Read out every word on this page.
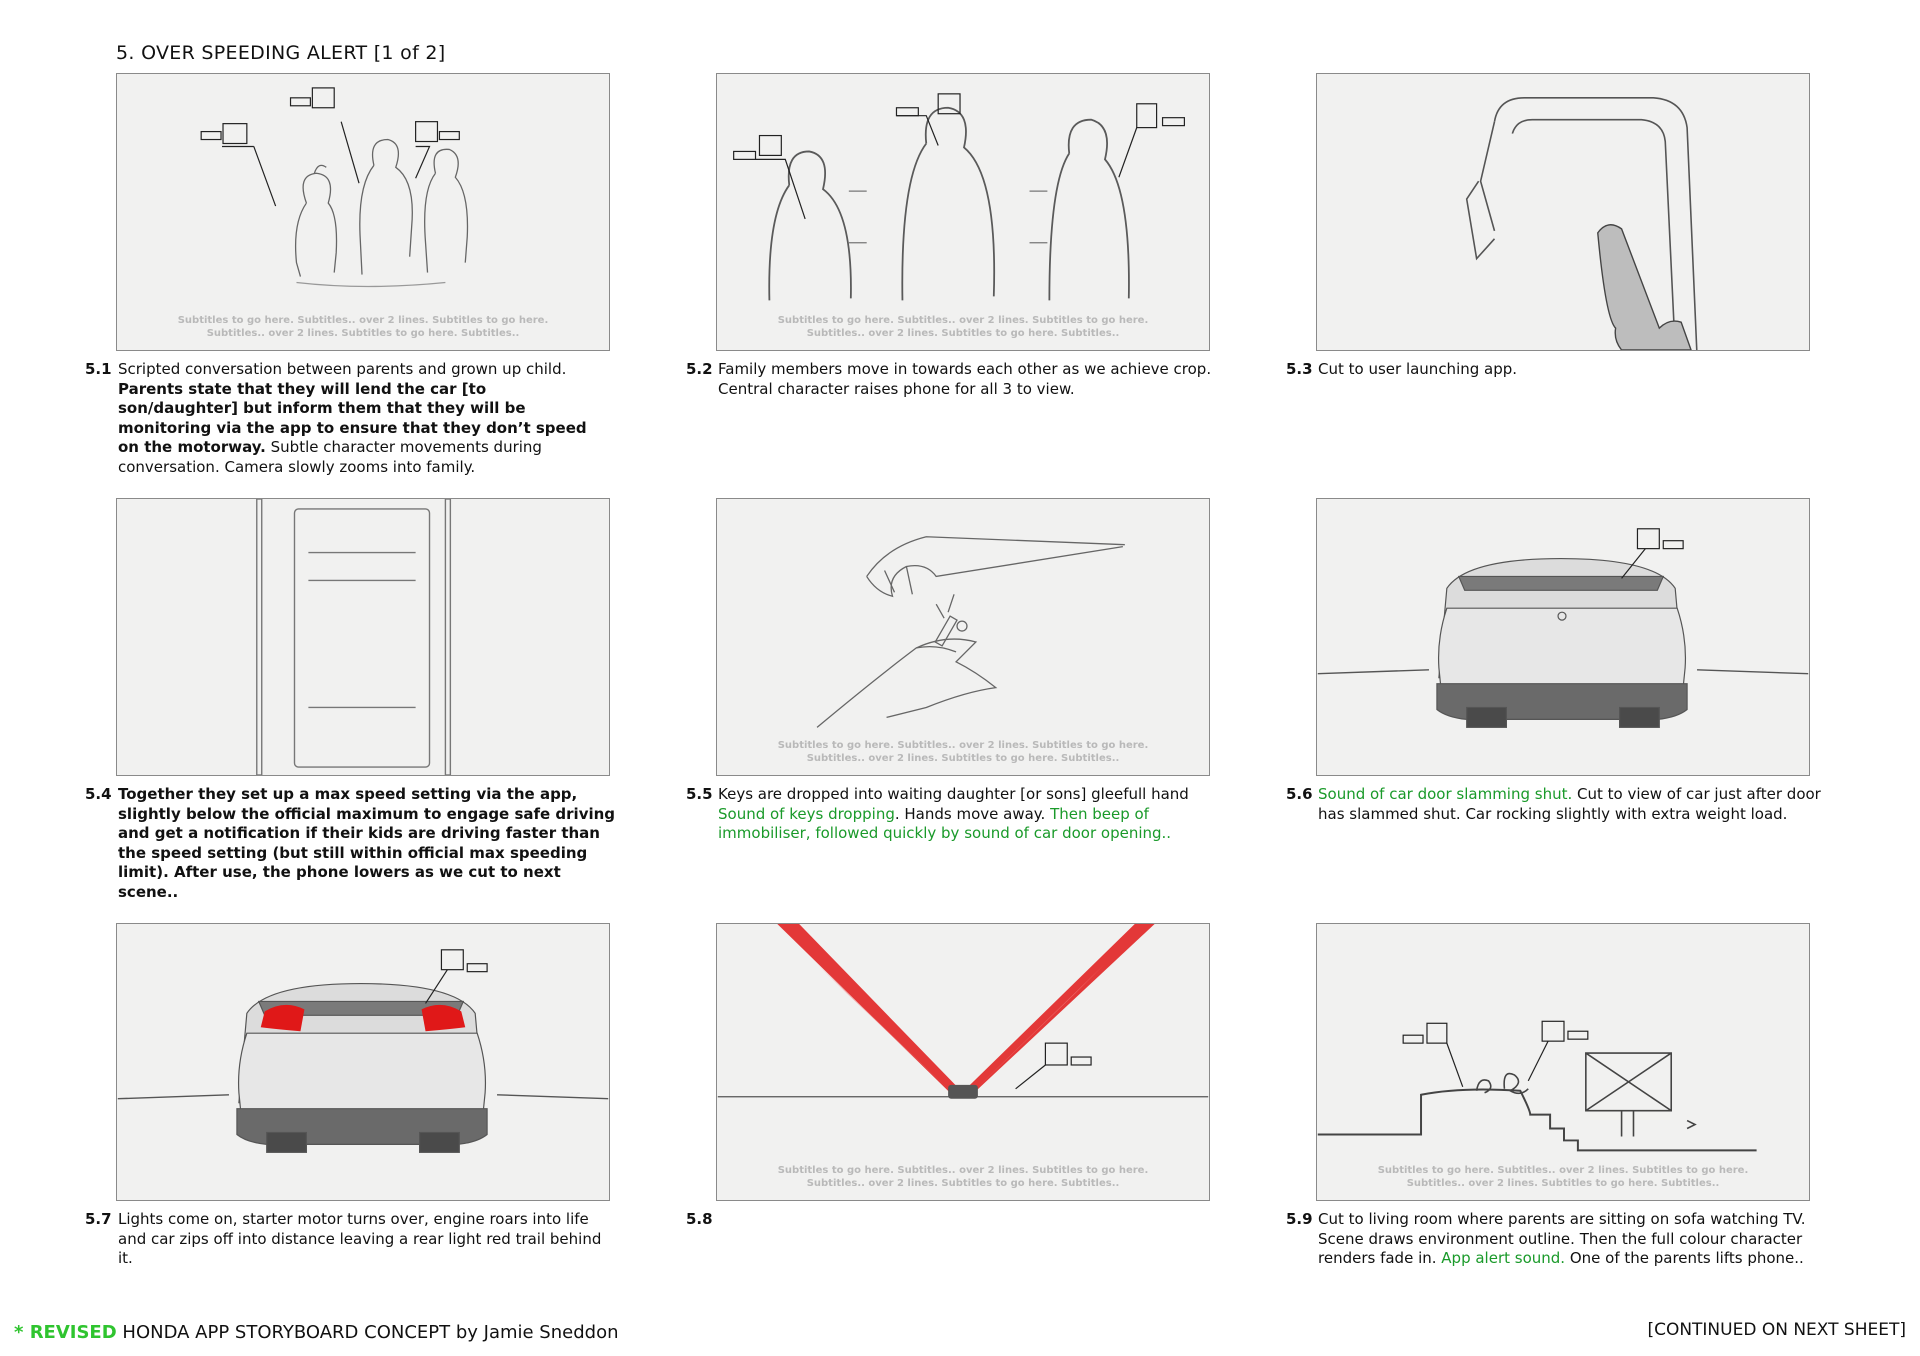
5. OVER SPEEDING ALERT [1 of 2]
Subtitles to go here. Subtitles.. over 2 lines. Subtitles to go here.
Subtitles.. over 2 lines. Subtitles to go here. Subtitles..
5.1 Scripted conversation between parents and grown up child. Parents state that they will lend the car [to son/daughter] but inform them that they will be monitoring via the app to ensure that they don’t speed on the motorway. Subtle character movements during conversation. Camera slowly zooms into family.
Subtitles to go here. Subtitles.. over 2 lines. Subtitles to go here.
Subtitles.. over 2 lines. Subtitles to go here. Subtitles..
5.2 Family members move in towards each other as we achieve crop. Central character raises phone for all 3 to view.
5.3 Cut to user launching app.
5.4 Together they set up a max speed setting via the app, slightly below the official maximum to engage safe driving and get a notification if their kids are driving faster than the speed setting (but still within official max speeding limit). After use, the phone lowers as we cut to next scene..
Subtitles to go here. Subtitles.. over 2 lines. Subtitles to go here.
Subtitles.. over 2 lines. Subtitles to go here. Subtitles..
5.5 Keys are dropped into waiting daughter [or sons] gleefull hand Sound of keys dropping. Hands move away. Then beep of immobiliser, followed quickly by sound of car door opening..
5.6 Sound of car door slamming shut. Cut to view of car just after door has slammed shut. Car rocking slightly with extra weight load.
5.7 Lights come on, starter motor turns over, engine roars into life and car zips off into distance leaving a rear light red trail behind it.
Subtitles to go here. Subtitles.. over 2 lines. Subtitles to go here.
Subtitles.. over 2 lines. Subtitles to go here. Subtitles..
5.8
Subtitles to go here. Subtitles.. over 2 lines. Subtitles to go here.
Subtitles.. over 2 lines. Subtitles to go here. Subtitles..
5.9 Cut to living room where parents are sitting on sofa watching TV. Scene draws environment outline. Then the full colour character renders fade in. App alert sound. One of the parents lifts phone..
* REVISED HONDA APP STORYBOARD CONCEPT by Jamie Sneddon	[CONTINUED ON NEXT SHEET]
